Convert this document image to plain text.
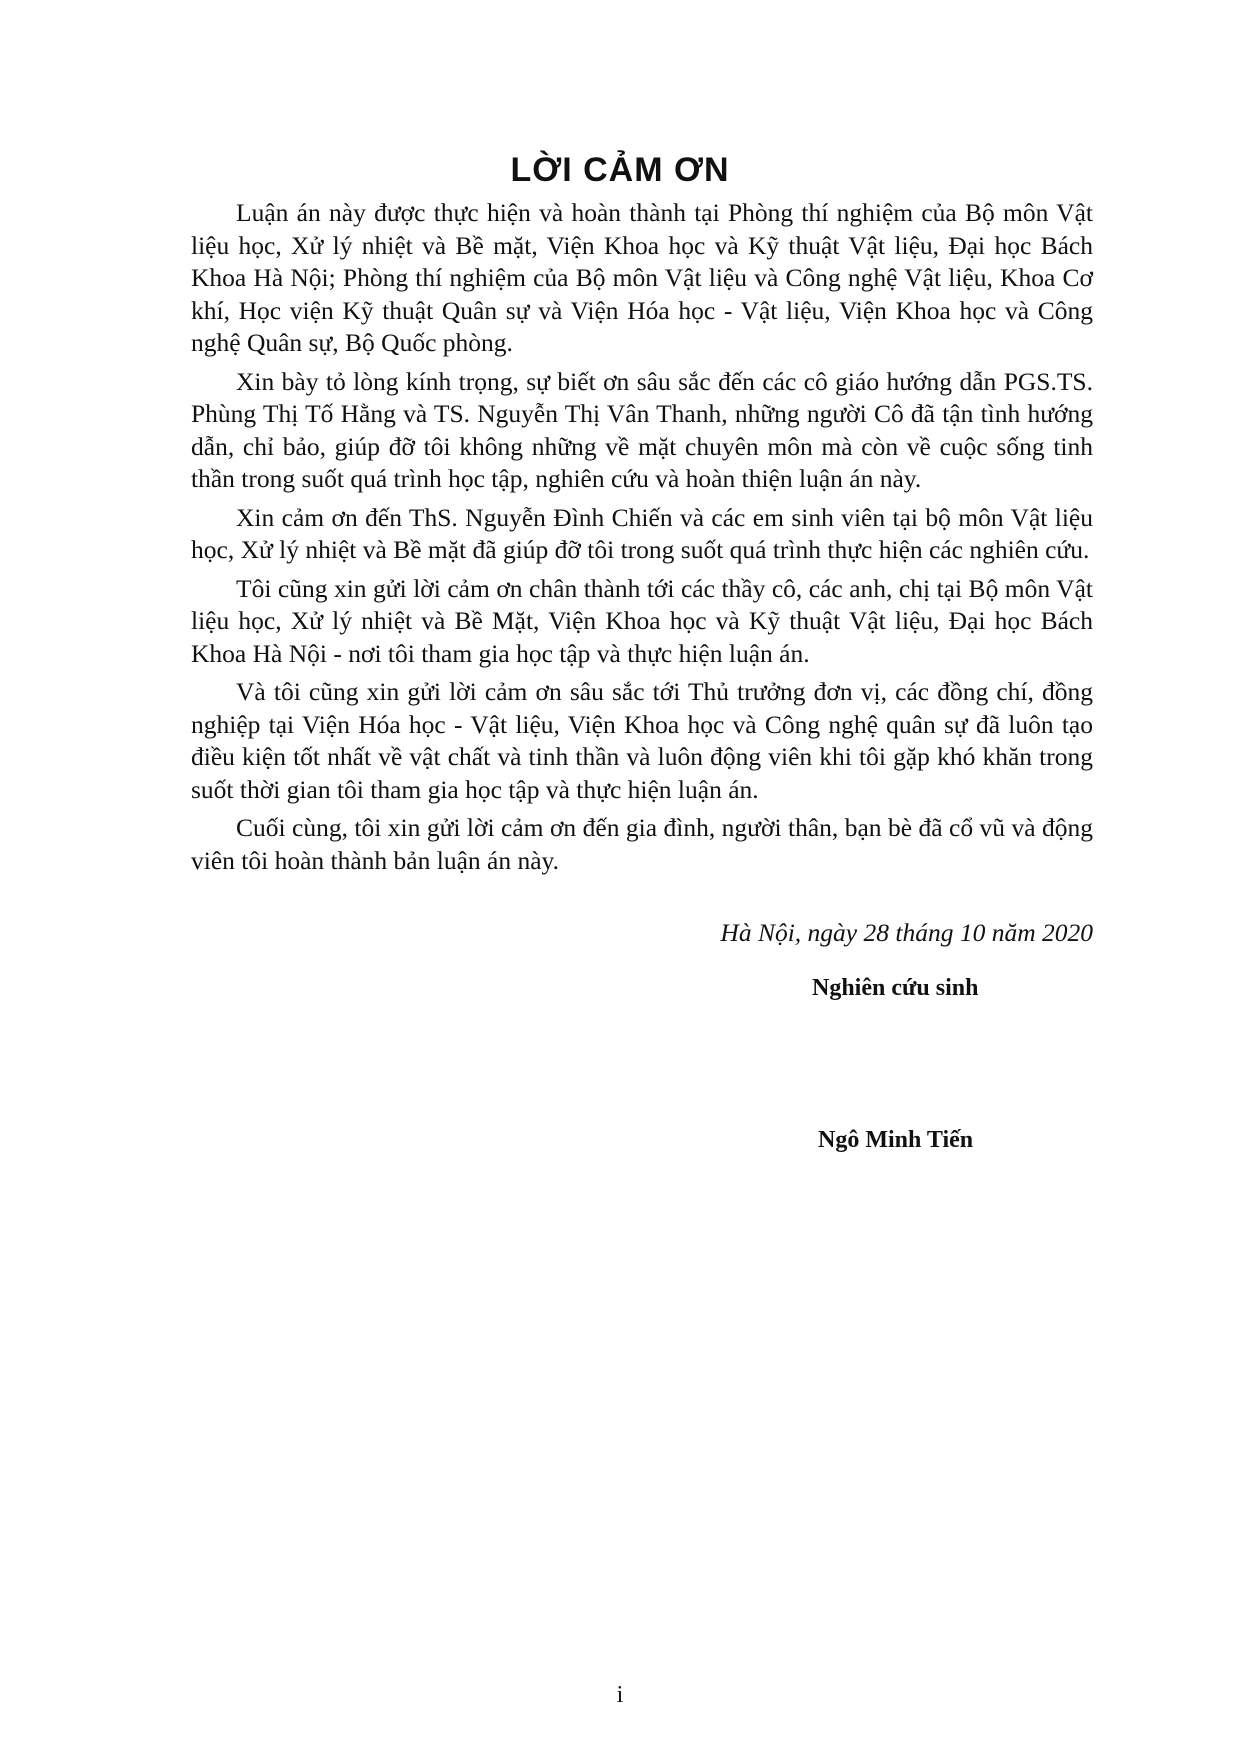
LỜI CẢM ƠN

Luận án này được thực hiện và hoàn thành tại Phòng thí nghiệm của Bộ môn Vật liệu học, Xử lý nhiệt và Bề mặt, Viện Khoa học và Kỹ thuật Vật liệu, Đại học Bách Khoa Hà Nội; Phòng thí nghiệm của Bộ môn Vật liệu và Công nghệ Vật liệu, Khoa Cơ khí, Học viện Kỹ thuật Quân sự và Viện Hóa học - Vật liệu, Viện Khoa học và Công nghệ Quân sự, Bộ Quốc phòng.

Xin bày tỏ lòng kính trọng, sự biết ơn sâu sắc đến các cô giáo hướng dẫn PGS.TS. Phùng Thị Tố Hằng và TS. Nguyễn Thị Vân Thanh, những người Cô đã tận tình hướng dẫn, chỉ bảo, giúp đỡ tôi không những về mặt chuyên môn mà còn về cuộc sống tinh thần trong suốt quá trình học tập, nghiên cứu và hoàn thiện luận án này.

Xin cảm ơn đến ThS. Nguyễn Đình Chiến và các em sinh viên tại bộ môn Vật liệu học, Xử lý nhiệt và Bề mặt đã giúp đỡ tôi trong suốt quá trình thực hiện các nghiên cứu.

Tôi cũng xin gửi lời cảm ơn chân thành tới các thầy cô, các anh, chị tại Bộ môn Vật liệu học, Xử lý nhiệt và Bề Mặt, Viện Khoa học và Kỹ thuật Vật liệu, Đại học Bách Khoa Hà Nội - nơi tôi tham gia học tập và thực hiện luận án.

Và tôi cũng xin gửi lời cảm ơn sâu sắc tới Thủ trưởng đơn vị, các đồng chí, đồng nghiệp tại Viện Hóa học - Vật liệu, Viện Khoa học và Công nghệ quân sự đã luôn tạo điều kiện tốt nhất về vật chất và tinh thần và luôn động viên khi tôi gặp khó khăn trong suốt thời gian tôi tham gia học tập và thực hiện luận án.

Cuối cùng, tôi xin gửi lời cảm ơn đến gia đình, người thân, bạn bè đã cổ vũ và động viên tôi hoàn thành bản luận án này.

Hà Nội, ngày 28 tháng 10 năm 2020
Nghiên cứu sinh
Ngô Minh Tiến
i
